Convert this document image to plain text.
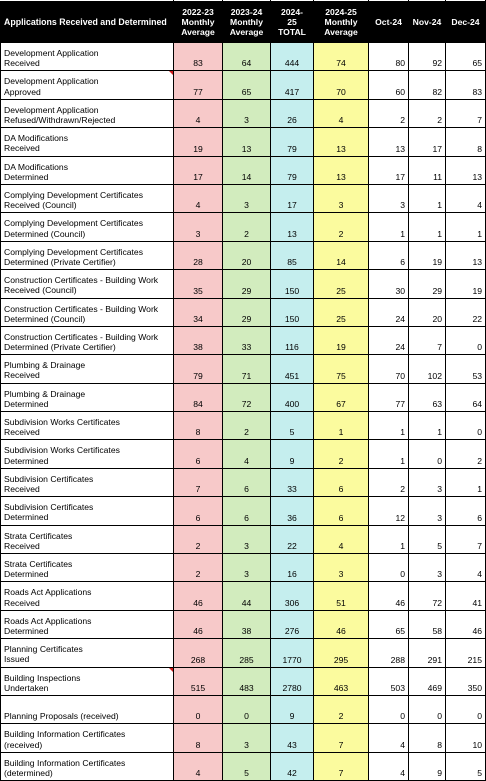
Applications Received and Determined	2022-23
Monthly
Average	2023-24
Monthly
Average	2024-
25
TOTAL	2024-25
Monthly
Average	Oct-24	Nov-24	Dec-24
Development Application
Received	83	64	444	74	80	92	65
Development Application
Approved	77	65	417	70	60	82	83
Development Application
Refused/Withdrawn/Rejected	4	3	26	4	2	2	7
DA Modifications
Received	19	13	79	13	13	17	8
DA Modifications
Determined	17	14	79	13	17	11	13
Complying Development Certificates
Received (Council)	4	3	17	3	3	1	4
Complying Development Certificates
Determined (Council)	3	2	13	2	1	1	1
Complying Development Certificates
Determined (Private Certifier)	28	20	85	14	6	19	13
Construction Certificates - Building Work
Received (Council)	35	29	150	25	30	29	19
Construction Certificates - Building Work
Determined (Council)	34	29	150	25	24	20	22
Construction Certificates - Building Work
Determined (Private Certifier)	38	33	116	19	24	7	0
Plumbing & Drainage
Received	79	71	451	75	70	102	53
Plumbing & Drainage
Determined	84	72	400	67	77	63	64
Subdivision Works Certificates
Received	8	2	5	1	1	1	0
Subdivision Works Certificates
Determined	6	4	9	2	1	0	2
Subdivision Certificates
Received	7	6	33	6	2	3	1
Subdivision Certificates
Determined	6	6	36	6	12	3	6
Strata Certificates
Received	2	3	22	4	1	5	7
Strata Certificates
Determined	2	3	16	3	0	3	4
Roads Act Applications
Received	46	44	306	51	46	72	41
Roads Act Applications
Determined	46	38	276	46	65	58	46
Planning Certificates
Issued	268	285	1770	295	288	291	215
Building Inspections
Undertaken	515	483	2780	463	503	469	350
Planning Proposals (received)	0	0	9	2	0	0	0
Building Information Certificates
(received)	8	3	43	7	4	8	10
Building Information Certificates
(determined)	4	5	42	7	4	9	5
